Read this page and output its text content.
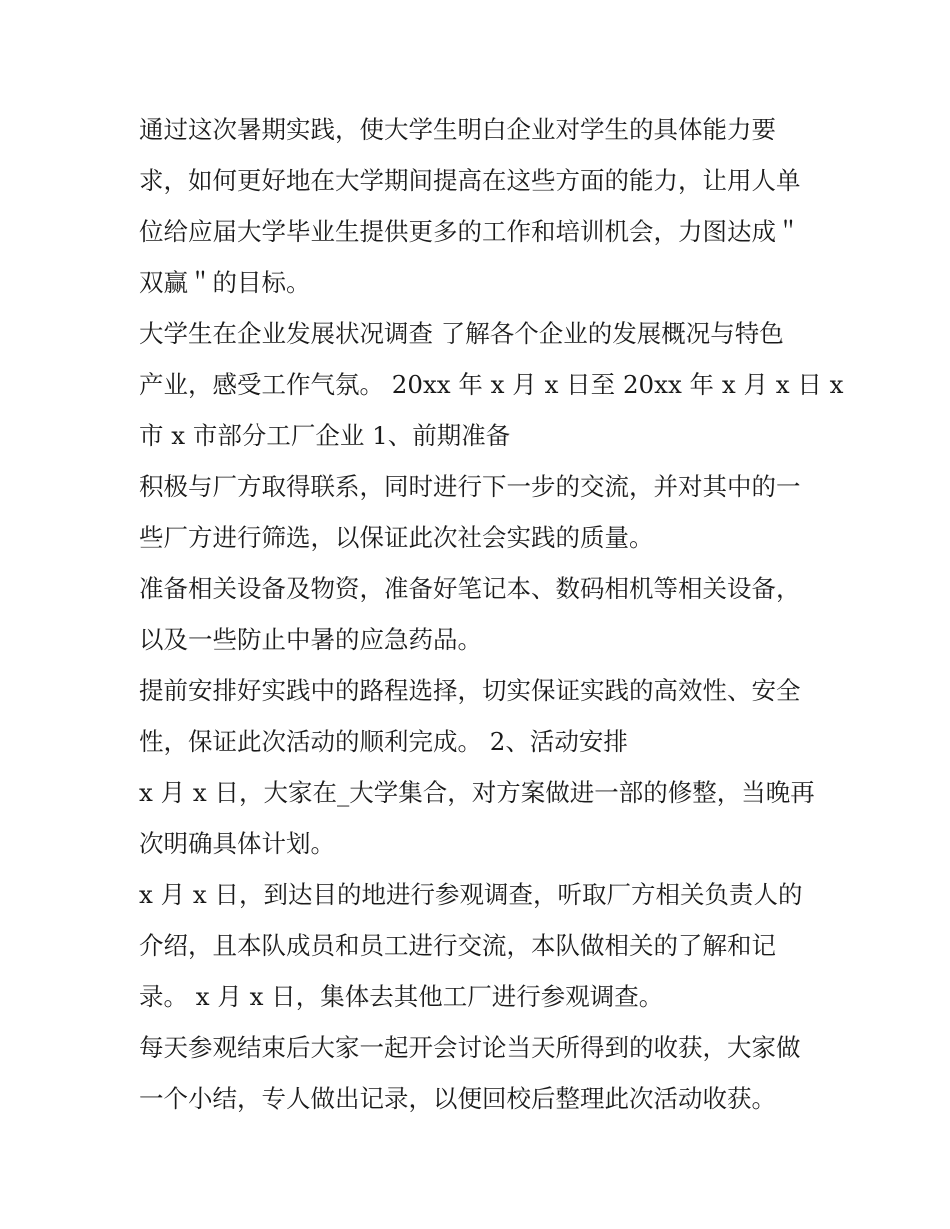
通过这次暑期实践，使大学生明白企业对学生的具体能力要
求，如何更好地在大学期间提高在这些方面的能力，让用人单
位给应届大学毕业生提供更多的工作和培训机会，力图达成＂
双赢＂的目标。
大学生在企业发展状况调查 了解各个企业的发展概况与特色
产业，感受工作气氛。 20xx 年 x 月 x 日至 20xx 年 x 月 x 日 x
市 x 市部分工厂企业 1、前期准备
积极与厂方取得联系，同时进行下一步的交流，并对其中的一
些厂方进行筛选，以保证此次社会实践的质量。
准备相关设备及物资，准备好笔记本、数码相机等相关设备，
以及一些防止中暑的应急药品。
提前安排好实践中的路程选择，切实保证实践的高效性、安全
性，保证此次活动的顺利完成。 2、活动安排
x 月 x 日，大家在_大学集合，对方案做进一部的修整，当晚再
次明确具体计划。
x 月 x 日，到达目的地进行参观调查，听取厂方相关负责人的
介绍，且本队成员和员工进行交流，本队做相关的了解和记
录。 x 月 x 日，集体去其他工厂进行参观调查。
每天参观结束后大家一起开会讨论当天所得到的收获，大家做
一个小结，专人做出记录，以便回校后整理此次活动收获。
